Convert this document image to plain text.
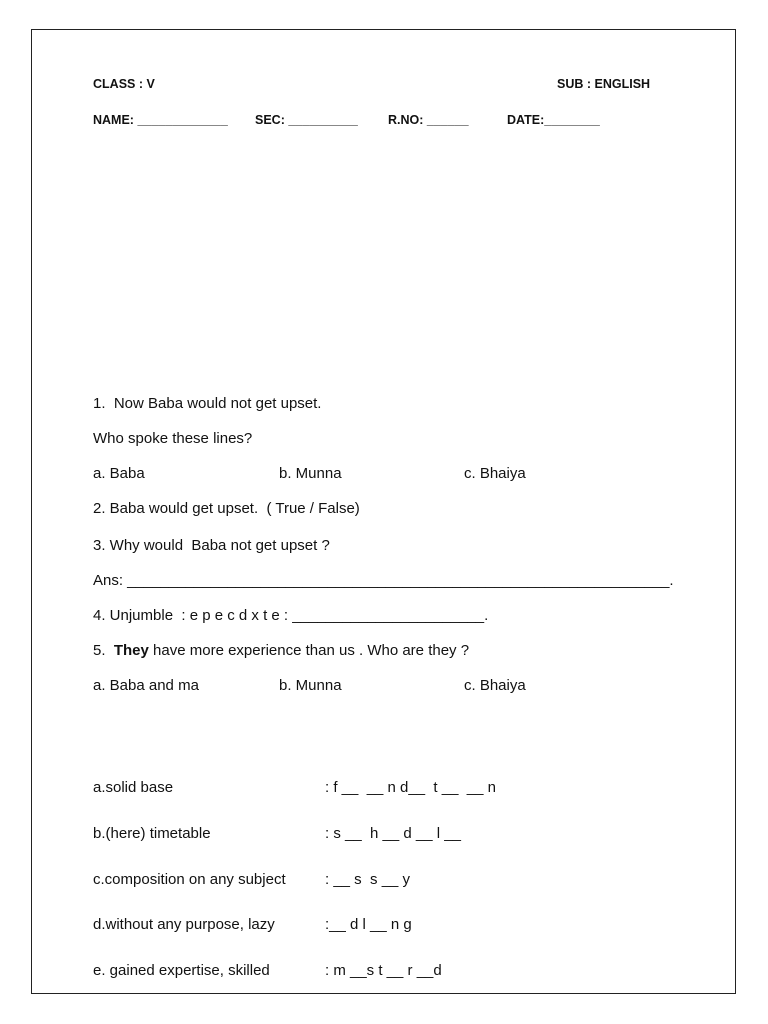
CLASS : V	SUB : ENGLISH
NAME: _____________ SEC: __________ R.NO: ______	DATE:________
1.  Now Baba would not get upset.
Who spoke these lines?
a. Baba	b. Munna	c. Bhaiya
2. Baba would get upset.  ( True / False)
3. Why would  Baba not get upset ?
Ans: _________________________________________________________________.
4. Unjumble  : e p e c d x t e : _______________________.
5.  They have more experience than us . Who are they ?
a. Baba and ma	b. Munna	c. Bhaiya
a.solid base	: f __  __ n d__  t __  __ n
b.(here) timetable	: s __  h __ d __ l __
c.composition on any subject	: __ s  s __ y
d.without any purpose, lazy	:__ d l __ n g
e. gained expertise, skilled	: m __s t __ r __d
